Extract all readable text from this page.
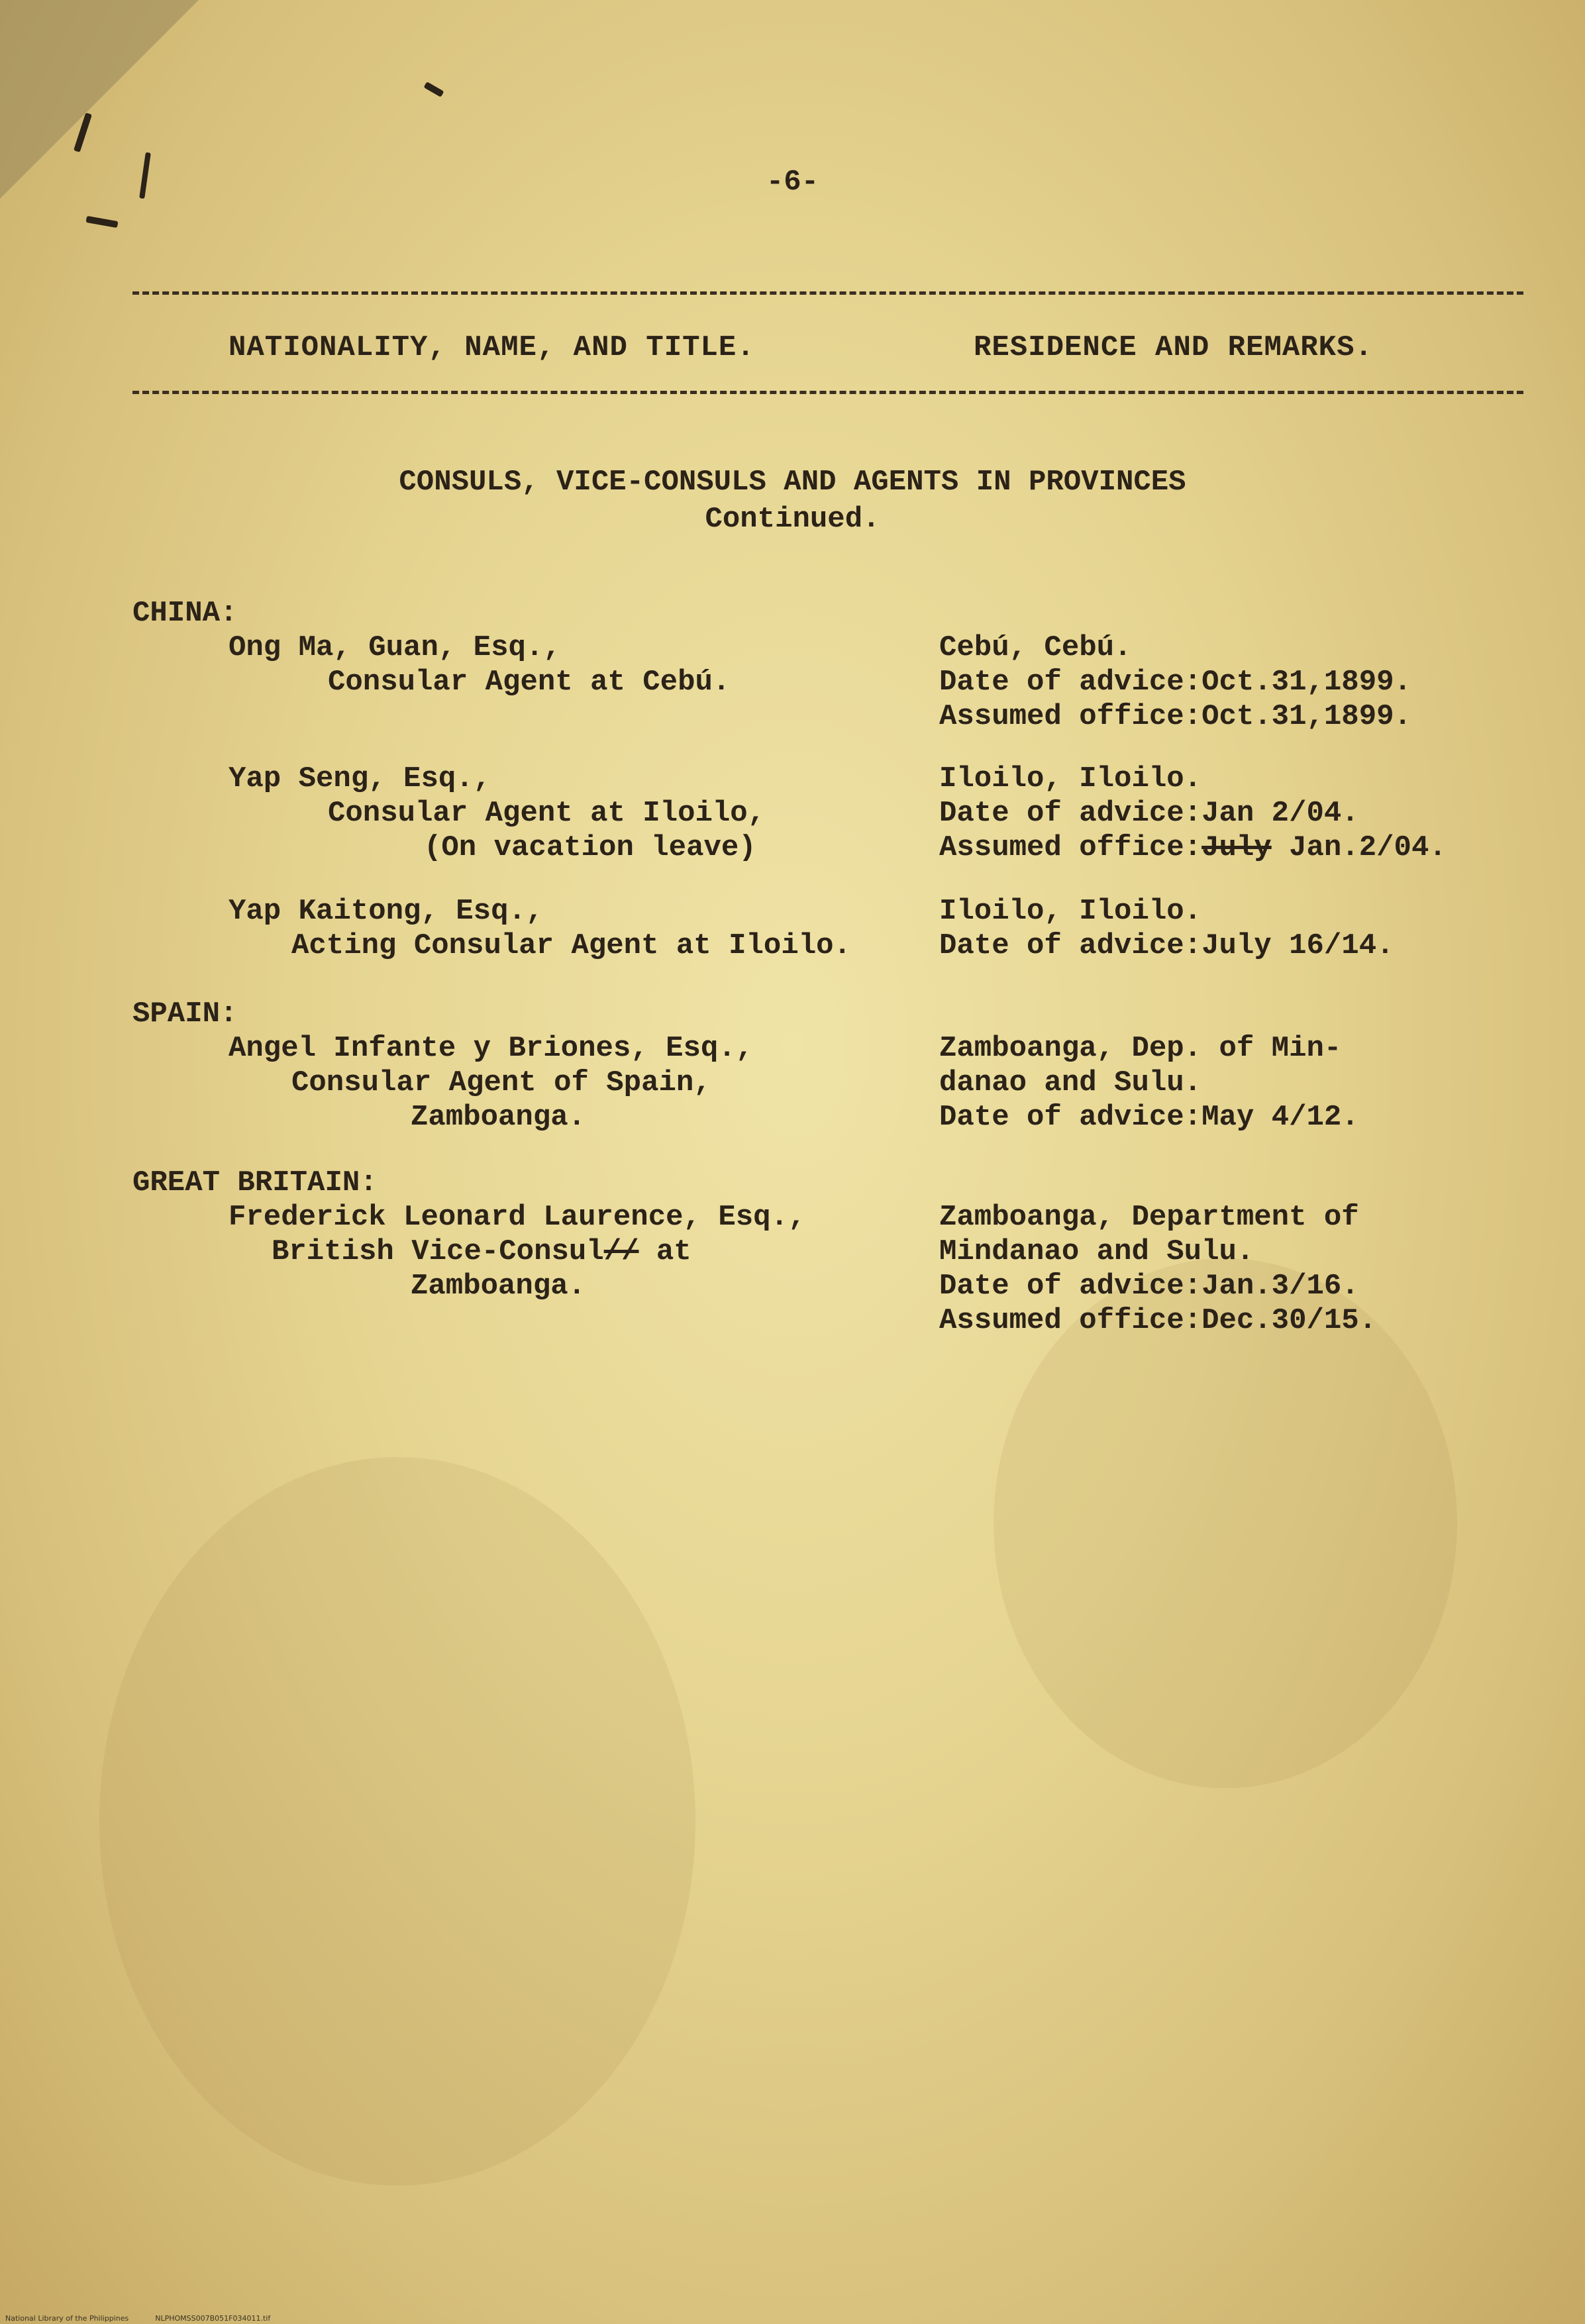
-6-
NATIONALITY, NAME, AND TITLE.	RESIDENCE AND REMARKS.
CONSULS, VICE-CONSULS AND AGENTS IN PROVINCES
Continued.
CHINA:
Ong Ma, Guan, Esq.,
Consular Agent at Cebú.
Cebú, Cebú.
Date of advice:Oct.31,1899.
Assumed office:Oct.31,1899.
Yap Seng, Esq.,
Consular Agent at Iloilo,
(On vacation leave)
Iloilo, Iloilo.
Date of advice:Jan 2/04.
Assumed office:July Jan.2/04.
Yap Kaitong, Esq.,
Acting Consular Agent at Iloilo.
Iloilo, Iloilo.
Date of advice:July 16/14.
SPAIN:
Angel Infante y Briones, Esq.,
Consular Agent of Spain,
Zamboanga.
Zamboanga, Dep. of Min-
danao and Sulu.
Date of advice:May 4/12.
GREAT BRITAIN:
Frederick Leonard Laurence, Esq.,
British Vice-Consul// at
Zamboanga.
Zamboanga, Department of
Mindanao and Sulu.
Date of advice:Jan.3/16.
Assumed office:Dec.30/15.
National Library of the Philippines	NLPHOMSS007B051F034011.tif
